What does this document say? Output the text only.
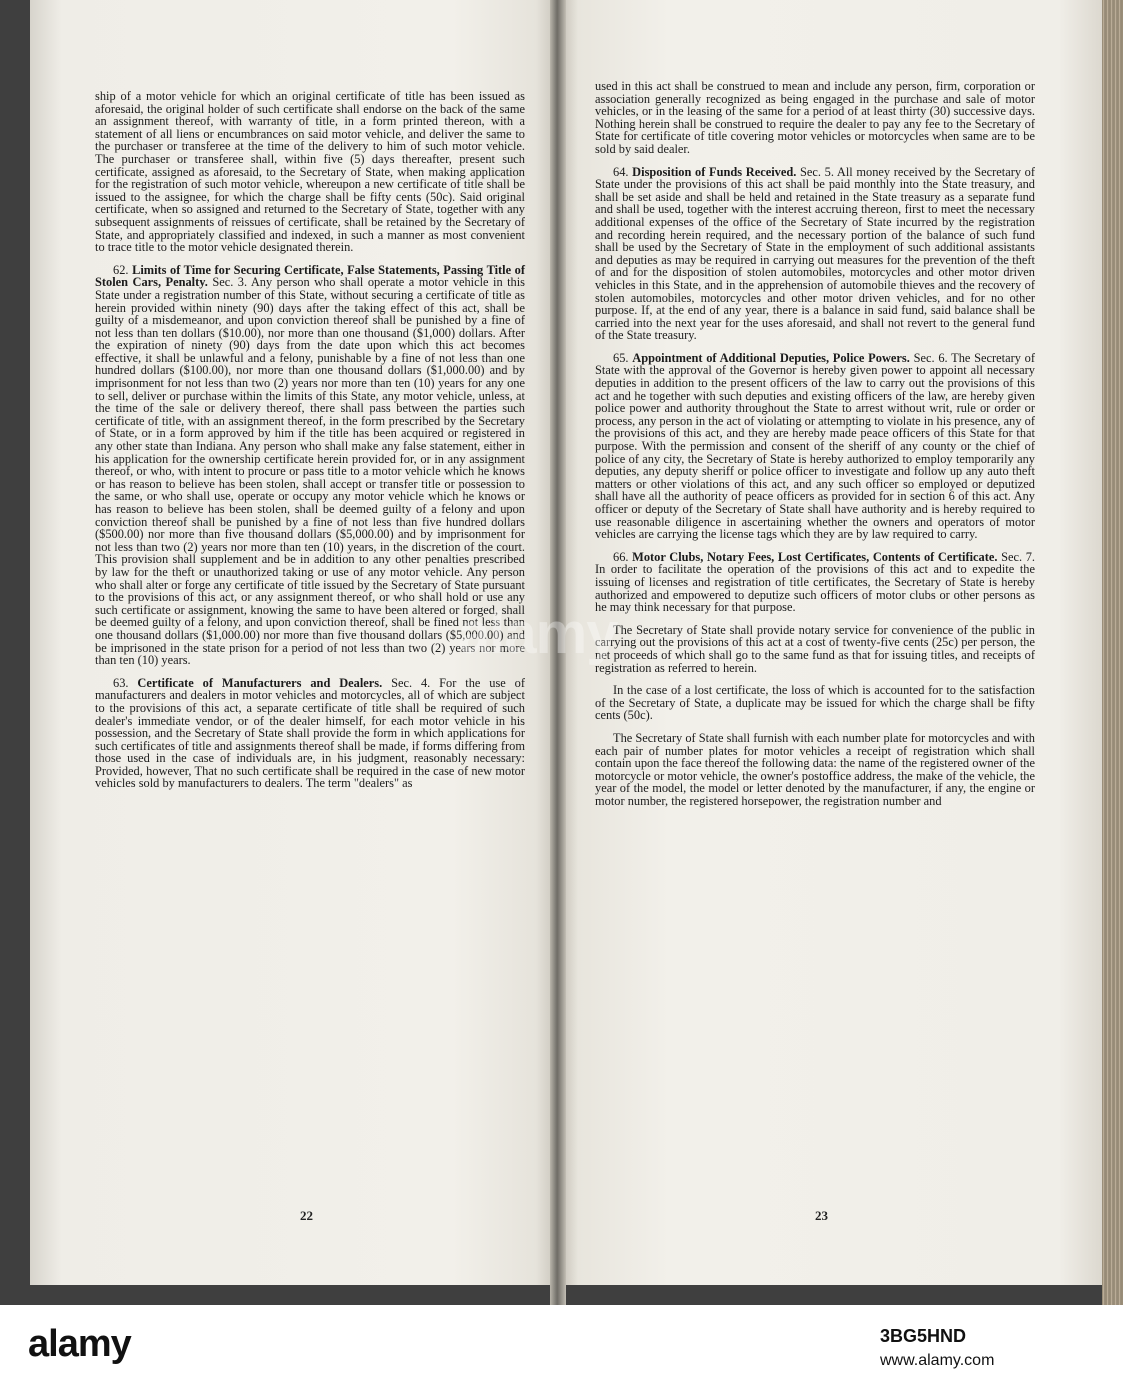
ship of a motor vehicle for which an original certificate of title has been issued as aforesaid, the original holder of such certificate shall endorse on the back of the same an assignment thereof, with warranty of title, in a form printed thereon, with a statement of all liens or encumbrances on said motor vehicle, and deliver the same to the purchaser or transferee at the time of the delivery to him of such motor vehicle. The purchaser or transferee shall, within five (5) days thereafter, present such certificate, assigned as aforesaid, to the Secretary of State, when making application for the registration of such motor vehicle, whereupon a new certificate of title shall be issued to the assignee, for which the charge shall be fifty cents (50c). Said original certificate, when so assigned and returned to the Secretary of State, together with any subsequent assignments of reissues of certificate, shall be retained by the Secretary of State, and appropriately classified and indexed, in such a manner as most convenient to trace title to the motor vehicle designated therein.

62. Limits of Time for Securing Certificate, False Statements, Passing Title of Stolen Cars, Penalty. Sec. 3. Any person who shall operate a motor vehicle in this State under a registration number of this State, without securing a certificate of title as herein provided within ninety (90) days after the taking effect of this act, shall be guilty of a misdemeanor, and upon conviction thereof shall be punished by a fine of not less than ten dollars ($10.00), nor more than one thousand ($1,000) dollars. After the expiration of ninety (90) days from the date upon which this act becomes effective, it shall be unlawful and a felony, punishable by a fine of not less than one hundred dollars ($100.00), nor more than one thousand dollars ($1,000.00) and by imprisonment for not less than two (2) years nor more than ten (10) years for any one to sell, deliver or purchase within the limits of this State, any motor vehicle, unless, at the time of the sale or delivery thereof, there shall pass between the parties such certificate of title, with an assignment thereof, in the form prescribed by the Secretary of State, or in a form approved by him if the title has been acquired or registered in any other state than Indiana. Any person who shall make any false statement, either in his application for the ownership certificate herein provided for, or in any assignment thereof, or who, with intent to procure or pass title to a motor vehicle which he knows or has reason to believe has been stolen, shall accept or transfer title or possession to the same, or who shall use, operate or occupy any motor vehicle which he knows or has reason to believe has been stolen, shall be deemed guilty of a felony and upon conviction thereof shall be punished by a fine of not less than five hundred dollars ($500.00) nor more than five thousand dollars ($5,000.00) and by imprisonment for not less than two (2) years nor more than ten (10) years, in the discretion of the court. This provision shall supplement and be in addition to any other penalties prescribed by law for the theft or unauthorized taking or use of any motor vehicle. Any person who shall alter or forge any certificate of title issued by the Secretary of State pursuant to the provisions of this act, or any assignment thereof, or who shall hold or use any such certificate or assignment, knowing the same to have been altered or forged, shall be deemed guilty of a felony, and upon conviction thereof, shall be fined not less than one thousand dollars ($1,000.00) nor more than five thousand dollars ($5,000.00) and be imprisoned in the state prison for a period of not less than two (2) years nor more than ten (10) years.

63. Certificate of Manufacturers and Dealers. Sec. 4. For the use of manufacturers and dealers in motor vehicles and motorcycles, all of which are subject to the provisions of this act, a separate certificate of title shall be required of such dealer's immediate vendor, or of the dealer himself, for each motor vehicle in his possession, and the Secretary of State shall provide the form in which applications for such certificates of title and assignments thereof shall be made, if forms differing from those used in the case of individuals are, in his judgment, reasonably necessary: Provided, however, That no such certificate shall be required in the case of new motor vehicles sold by manufacturers to dealers. The term "dealers" as

used in this act shall be construed to mean and include any person, firm, corporation or association generally recognized as being engaged in the purchase and sale of motor vehicles, or in the leasing of the same for a period of at least thirty (30) successive days. Nothing herein shall be construed to require the dealer to pay any fee to the Secretary of State for certificate of title covering motor vehicles or motorcycles when same are to be sold by said dealer.

64. Disposition of Funds Received. Sec. 5. All money received by the Secretary of State under the provisions of this act shall be paid monthly into the State treasury, and shall be set aside and shall be held and retained in the State treasury as a separate fund and shall be used, together with the interest accruing thereon, first to meet the necessary additional expenses of the office of the Secretary of State incurred by the registration and recording herein required, and the necessary portion of the balance of such fund shall be used by the Secretary of State in the employment of such additional assistants and deputies as may be required in carrying out measures for the prevention of the theft of and for the disposition of stolen automobiles, motorcycles and other motor driven vehicles in this State, and in the apprehension of automobile thieves and the recovery of stolen automobiles, motorcycles and other motor driven vehicles, and for no other purpose. If, at the end of any year, there is a balance in said fund, said balance shall be carried into the next year for the uses aforesaid, and shall not revert to the general fund of the State treasury.

65. Appointment of Additional Deputies, Police Powers. Sec. 6. The Secretary of State with the approval of the Governor is hereby given power to appoint all necessary deputies in addition to the present officers of the law to carry out the provisions of this act and he together with such deputies and existing officers of the law, are hereby given police power and authority throughout the State to arrest without writ, rule or order or process, any person in the act of violating or attempting to violate in his presence, any of the provisions of this act, and they are hereby made peace officers of this State for that purpose. With the permission and consent of the sheriff of any county or the chief of police of any city, the Secretary of State is hereby authorized to employ temporarily any deputies, any deputy sheriff or police officer to investigate and follow up any auto theft matters or other violations of this act, and any such officer so employed or deputized shall have all the authority of peace officers as provided for in section 6 of this act. Any officer or deputy of the Secretary of State shall have authority and is hereby required to use reasonable diligence in ascertaining whether the owners and operators of motor vehicles are carrying the license tags which they are by law required to carry.

66. Motor Clubs, Notary Fees, Lost Certificates, Contents of Certificate. Sec. 7. In order to facilitate the operation of the provisions of this act and to expedite the issuing of licenses and registration of title certificates, the Secretary of State is hereby authorized and empowered to deputize such officers of motor clubs or other persons as he may think necessary for that purpose.

The Secretary of State shall provide notary service for convenience of the public in carrying out the provisions of this act at a cost of twenty-five cents (25c) per person, the net proceeds of which shall go to the same fund as that for issuing titles, and receipts of registration as referred to herein.

In the case of a lost certificate, the loss of which is accounted for to the satisfaction of the Secretary of State, a duplicate may be issued for which the charge shall be fifty cents (50c).

The Secretary of State shall furnish with each number plate for motorcycles and with each pair of number plates for motor vehicles a receipt of registration which shall contain upon the face thereof the following data: the name of the registered owner of the motorcycle or motor vehicle, the owner's postoffice address, the make of the vehicle, the year of the model, the model or letter denoted by the manufacturer, if any, the engine or motor number, the registered horsepower, the registration number and

22	23
alamy
alamy	3BG5HND
www.alamy.com
